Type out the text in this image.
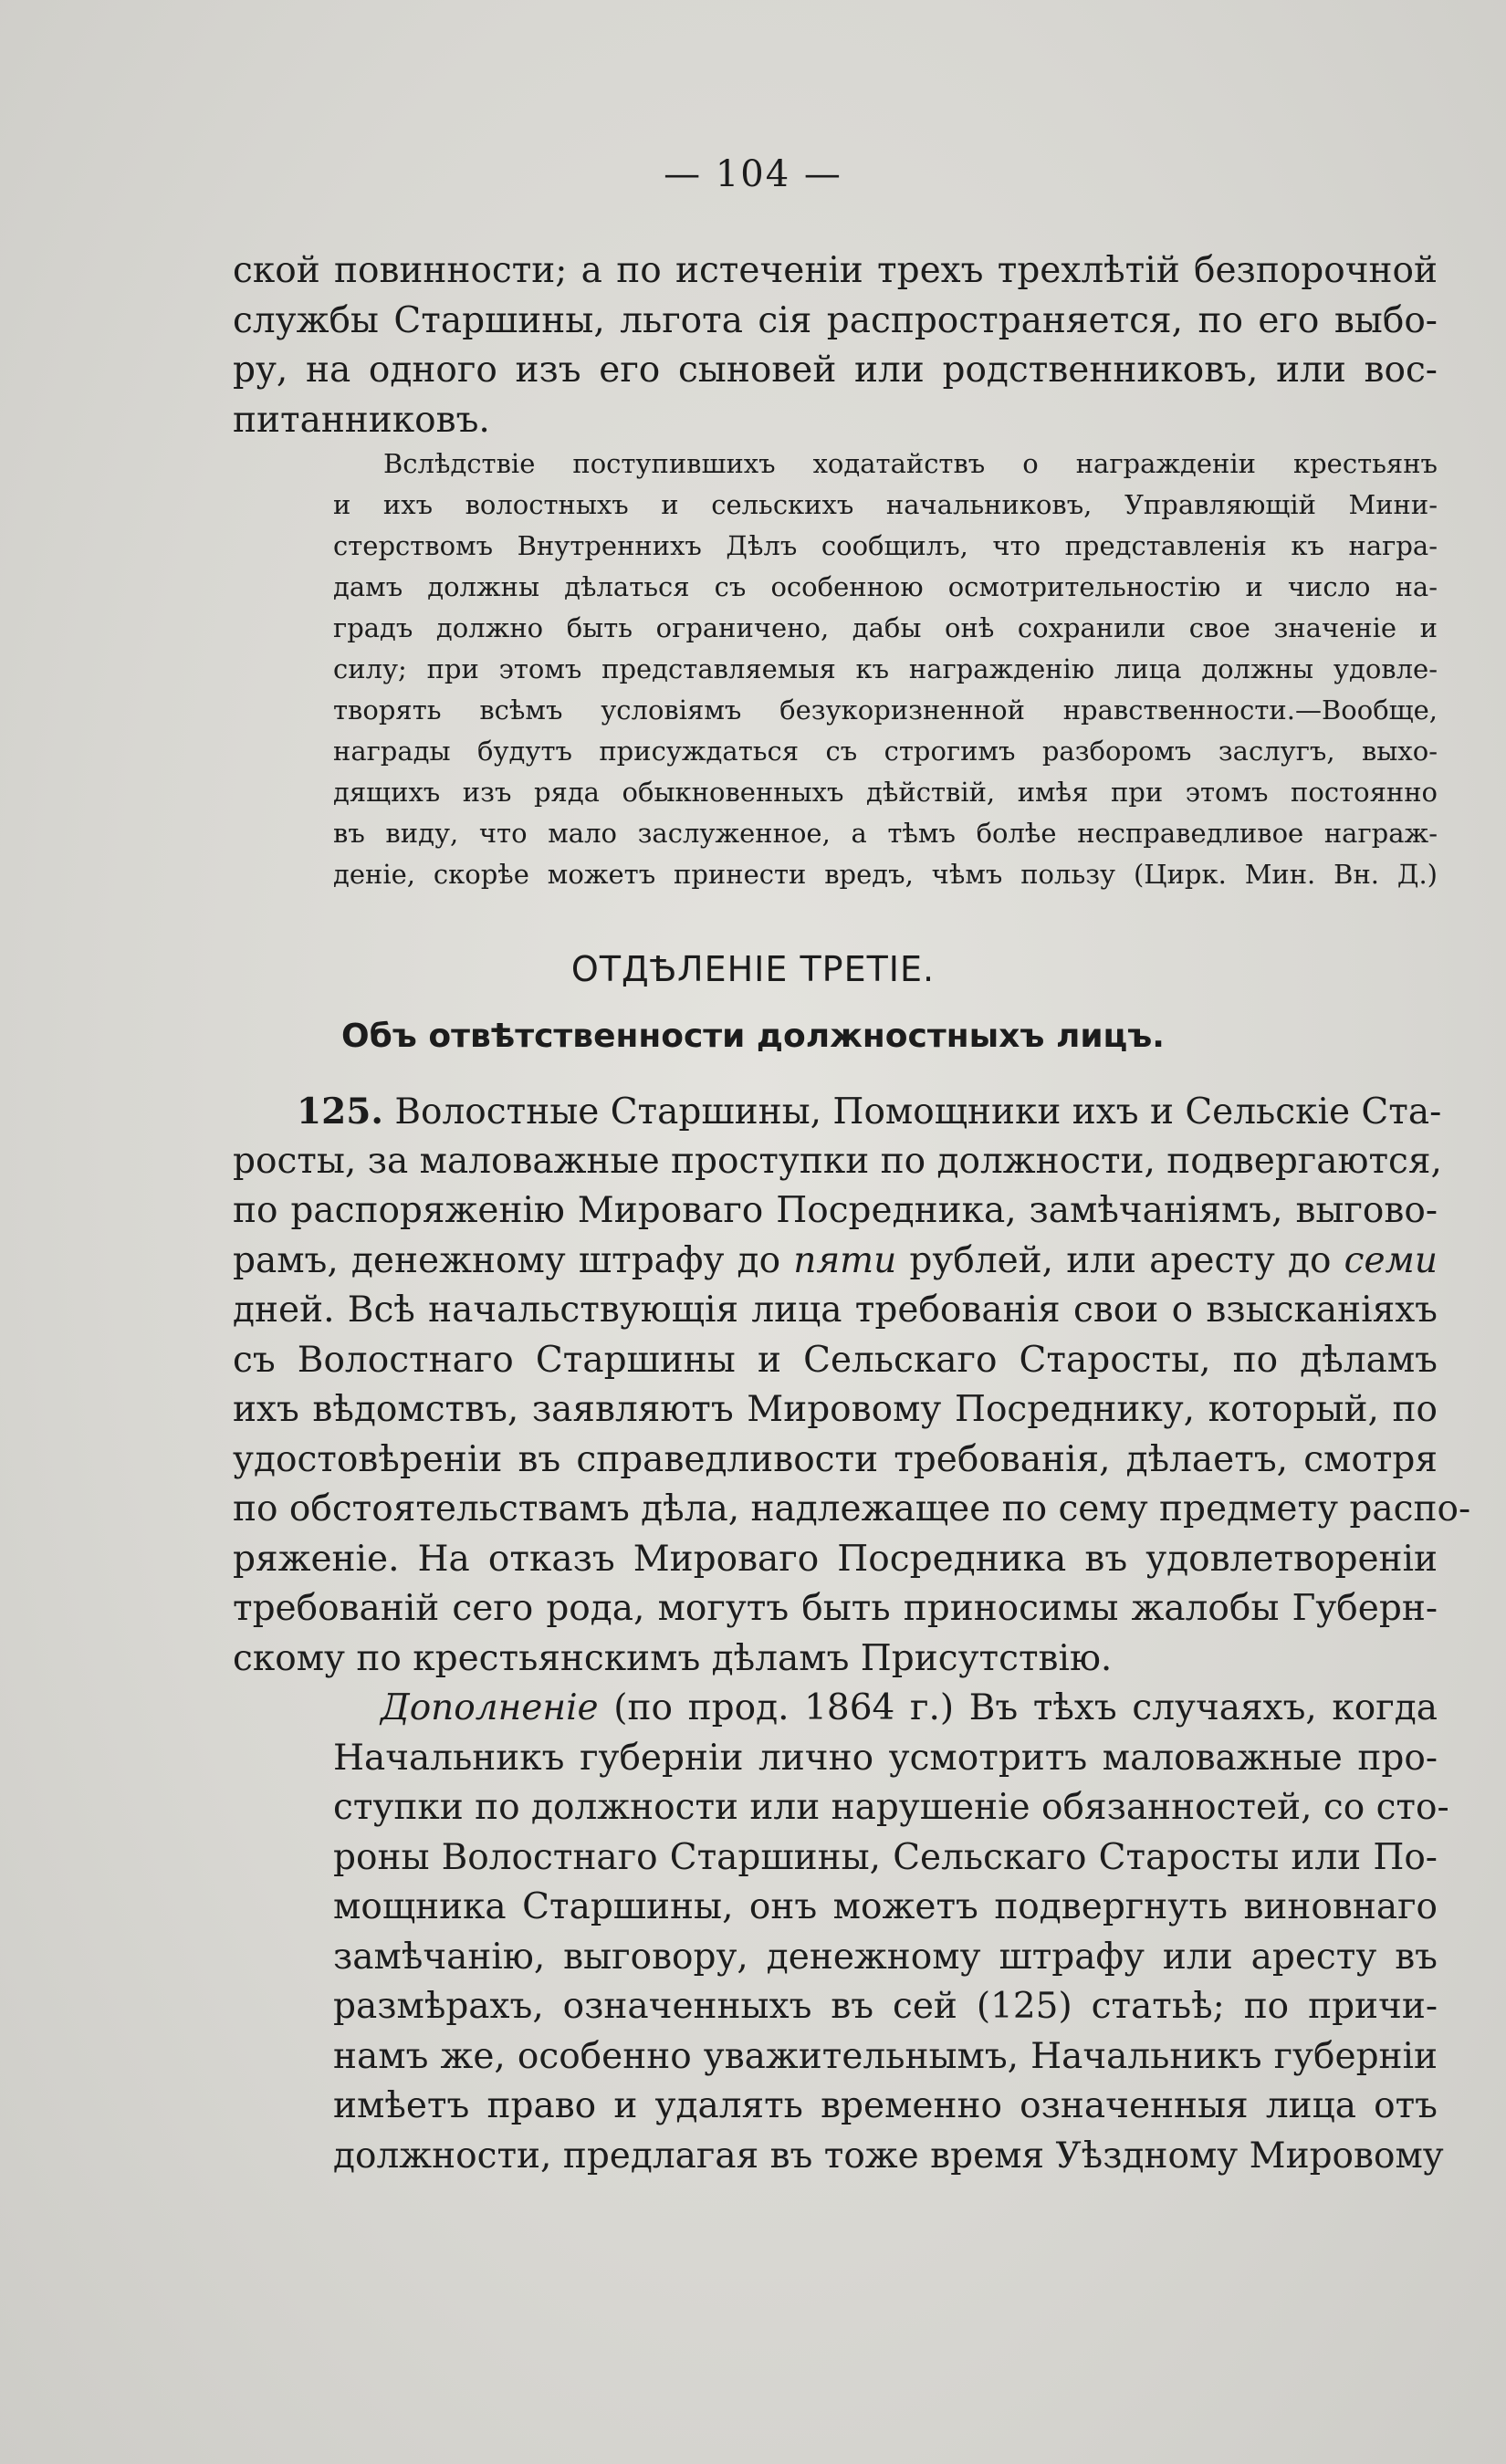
— 104 —
ской повинности; а по истеченіи трехъ трехлѣтій безпорочной
службы Старшины, льгота сія распространяется, по его выбо-
ру, на одного изъ его сыновей или родственниковъ, или вос-
питанниковъ.
Вслѣдствіе поступившихъ ходатайствъ о награжденіи крестьянъ
и ихъ волостныхъ и сельскихъ начальниковъ, Управляющій Мини-
стерствомъ Внутреннихъ Дѣлъ сообщилъ, что представленія къ награ-
дамъ должны дѣлаться съ особенною осмотрительностію и число на-
градъ должно быть ограничено, дабы онѣ сохранили свое значеніе и
силу; при этомъ представляемыя къ награжденію лица должны удовле-
творять всѣмъ условіямъ безукоризненной нравственности.—Вообще,
награды будутъ присуждаться съ строгимъ разборомъ заслугъ, выхо-
дящихъ изъ ряда обыкновенныхъ дѣйствій, имѣя при этомъ постоянно
въ виду, что мало заслуженное, а тѣмъ болѣе несправедливое награж-
деніе, скорѣе можетъ принести вредъ, чѣмъ пользу (Цирк. Мин. Вн. Д.)
ОТДѢЛЕНІЕ ТРЕТІЕ.
Объ отвѣтственности должностныхъ лицъ.
125. Волостные Старшины, Помощники ихъ и Сельскіе Ста-
росты, за маловажные проступки по должности, подвергаются,
по распоряженію Мироваго Посредника, замѣчаніямъ, выгово-
рамъ, денежному штрафу до пяти рублей, или аресту до семи
дней. Всѣ начальствующія лица требованія свои о взысканіяхъ
съ Волостнаго Старшины и Сельскаго Старосты, по дѣламъ
ихъ вѣдомствъ, заявляютъ Мировому Посреднику, который, по
удостовѣреніи въ справедливости требованія, дѣлаетъ, смотря
по обстоятельствамъ дѣла, надлежащее по сему предмету распо-
ряженіе. На отказъ Мироваго Посредника въ удовлетвореніи
требованій сего рода, могутъ быть приносимы жалобы Губерн-
скому по крестьянскимъ дѣламъ Присутствію.
Дополненіе (по прод. 1864 г.) Въ тѣхъ случаяхъ, когда
Начальникъ губерніи лично усмотритъ маловажные про-
ступки по должности или нарушеніе обязанностей, со сто-
роны Волостнаго Старшины, Сельскаго Старосты или По-
мощника Старшины, онъ можетъ подвергнуть виновнаго
замѣчанію, выговору, денежному штрафу или аресту въ
размѣрахъ, означенныхъ въ сей (125) статьѣ; по причи-
намъ же, особенно уважительнымъ, Начальникъ губерніи
имѣетъ право и удалять временно означенныя лица отъ
должности, предлагая въ тоже время Уѣздному Мировому
